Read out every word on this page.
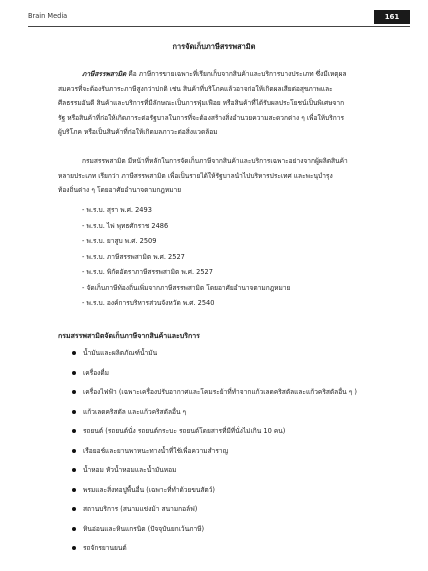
Brain Media	161
การจัดเก็บภาษีสรรพสามิต
ภาษีสรรพสามิต คือ ภาษีการขายเฉพาะที่เรียกเก็บจากสินค้าและบริการบางประเภท ซึ่งมีเหตุผล
สมควรที่จะต้องรับภาระภาษีสูงกว่าปกติ เช่น สินค้าที่บริโภคแล้วอาจก่อให้เกิดผลเสียต่อสุขภาพและ
ศีลธรรมอันดี สินค้าและบริการที่มีลักษณะเป็นการฟุ่มเฟือย หรือสินค้าที่ได้รับผลประโยชน์เป็นพิเศษจาก
รัฐ หรือสินค้าที่ก่อให้เกิดภาระต่อรัฐบาลในการที่จะต้องสร้างสิ่งอำนวยความสะดวกต่าง ๆ เพื่อให้บริการ
ผู้บริโภค หรือเป็นสินค้าที่ก่อให้เกิดมลภาวะต่อสิ่งแวดล้อม
กรมสรรพสามิต มีหน้าที่หลักในการจัดเก็บภาษีจากสินค้าและบริการเฉพาะอย่างจากผู้ผลิตสินค้า
หลายประเภท เรียกว่า ภาษีสรรพสามิต เพื่อเป็นรายได้ให้รัฐบาลนำไปบริหารประเทศ และพะนุบำรุง
ท้องถิ่นต่าง ๆ โดยอาศัยอำนาจตามกฎหมาย
- พ.ร.บ. สุรา พ.ศ. 2493
- พ.ร.บ. ไพ่ พุทธศักราช 2486
- พ.ร.บ. ยาสูบ พ.ศ. 2509
- พ.ร.บ. ภาษีสรรพสามิต พ.ศ. 2527
- พ.ร.บ. พิกัดอัตราภาษีสรรพสามิต พ.ศ. 2527
- จัดเก็บภาษีท้องถิ่นเพิ่มจากภาษีสรรพสามิต โดยอาศัยอำนาจตามกฎหมาย
- พ.ร.บ. องค์การบริหารส่วนจังหวัด พ.ศ. 2540
กรมสรรพสามิตจัดเก็บภาษีจากสินค้าและบริการ
น้ำมันและผลิตภัณฑ์น้ำมัน
เครื่องดื่ม
เครื่องไฟฟ้า (เฉพาะเครื่องปรับอากาศและโคมระย้าที่ทำจากแก้วเลดคริสตัลและแก้วคริสตัลอื่น ๆ )
แก้วเลดคริสตัล และแก้วคริสตัลอื่น ๆ
รถยนต์ (รถยนต์นั่ง รถยนต์กระบะ รถยนต์โดยสารที่มีที่นั่งไม่เกิน 10 คน)
เรือยอช์และยานพาหนะทางน้ำที่ใช้เพื่อความสำราญ
น้ำหอม หัวน้ำหอมและน้ำมันหอม
พรมและสิ่งทอปูพื้นอื่น (เฉพาะที่ทำด้วยขนสัตว์)
สถานบริการ (สนามแข่งม้า สนามกอล์ฟ)
หินอ่อนและหินแกรนิต (ปัจจุบันยกเว้นภาษี)
รถจักรยานยนต์
